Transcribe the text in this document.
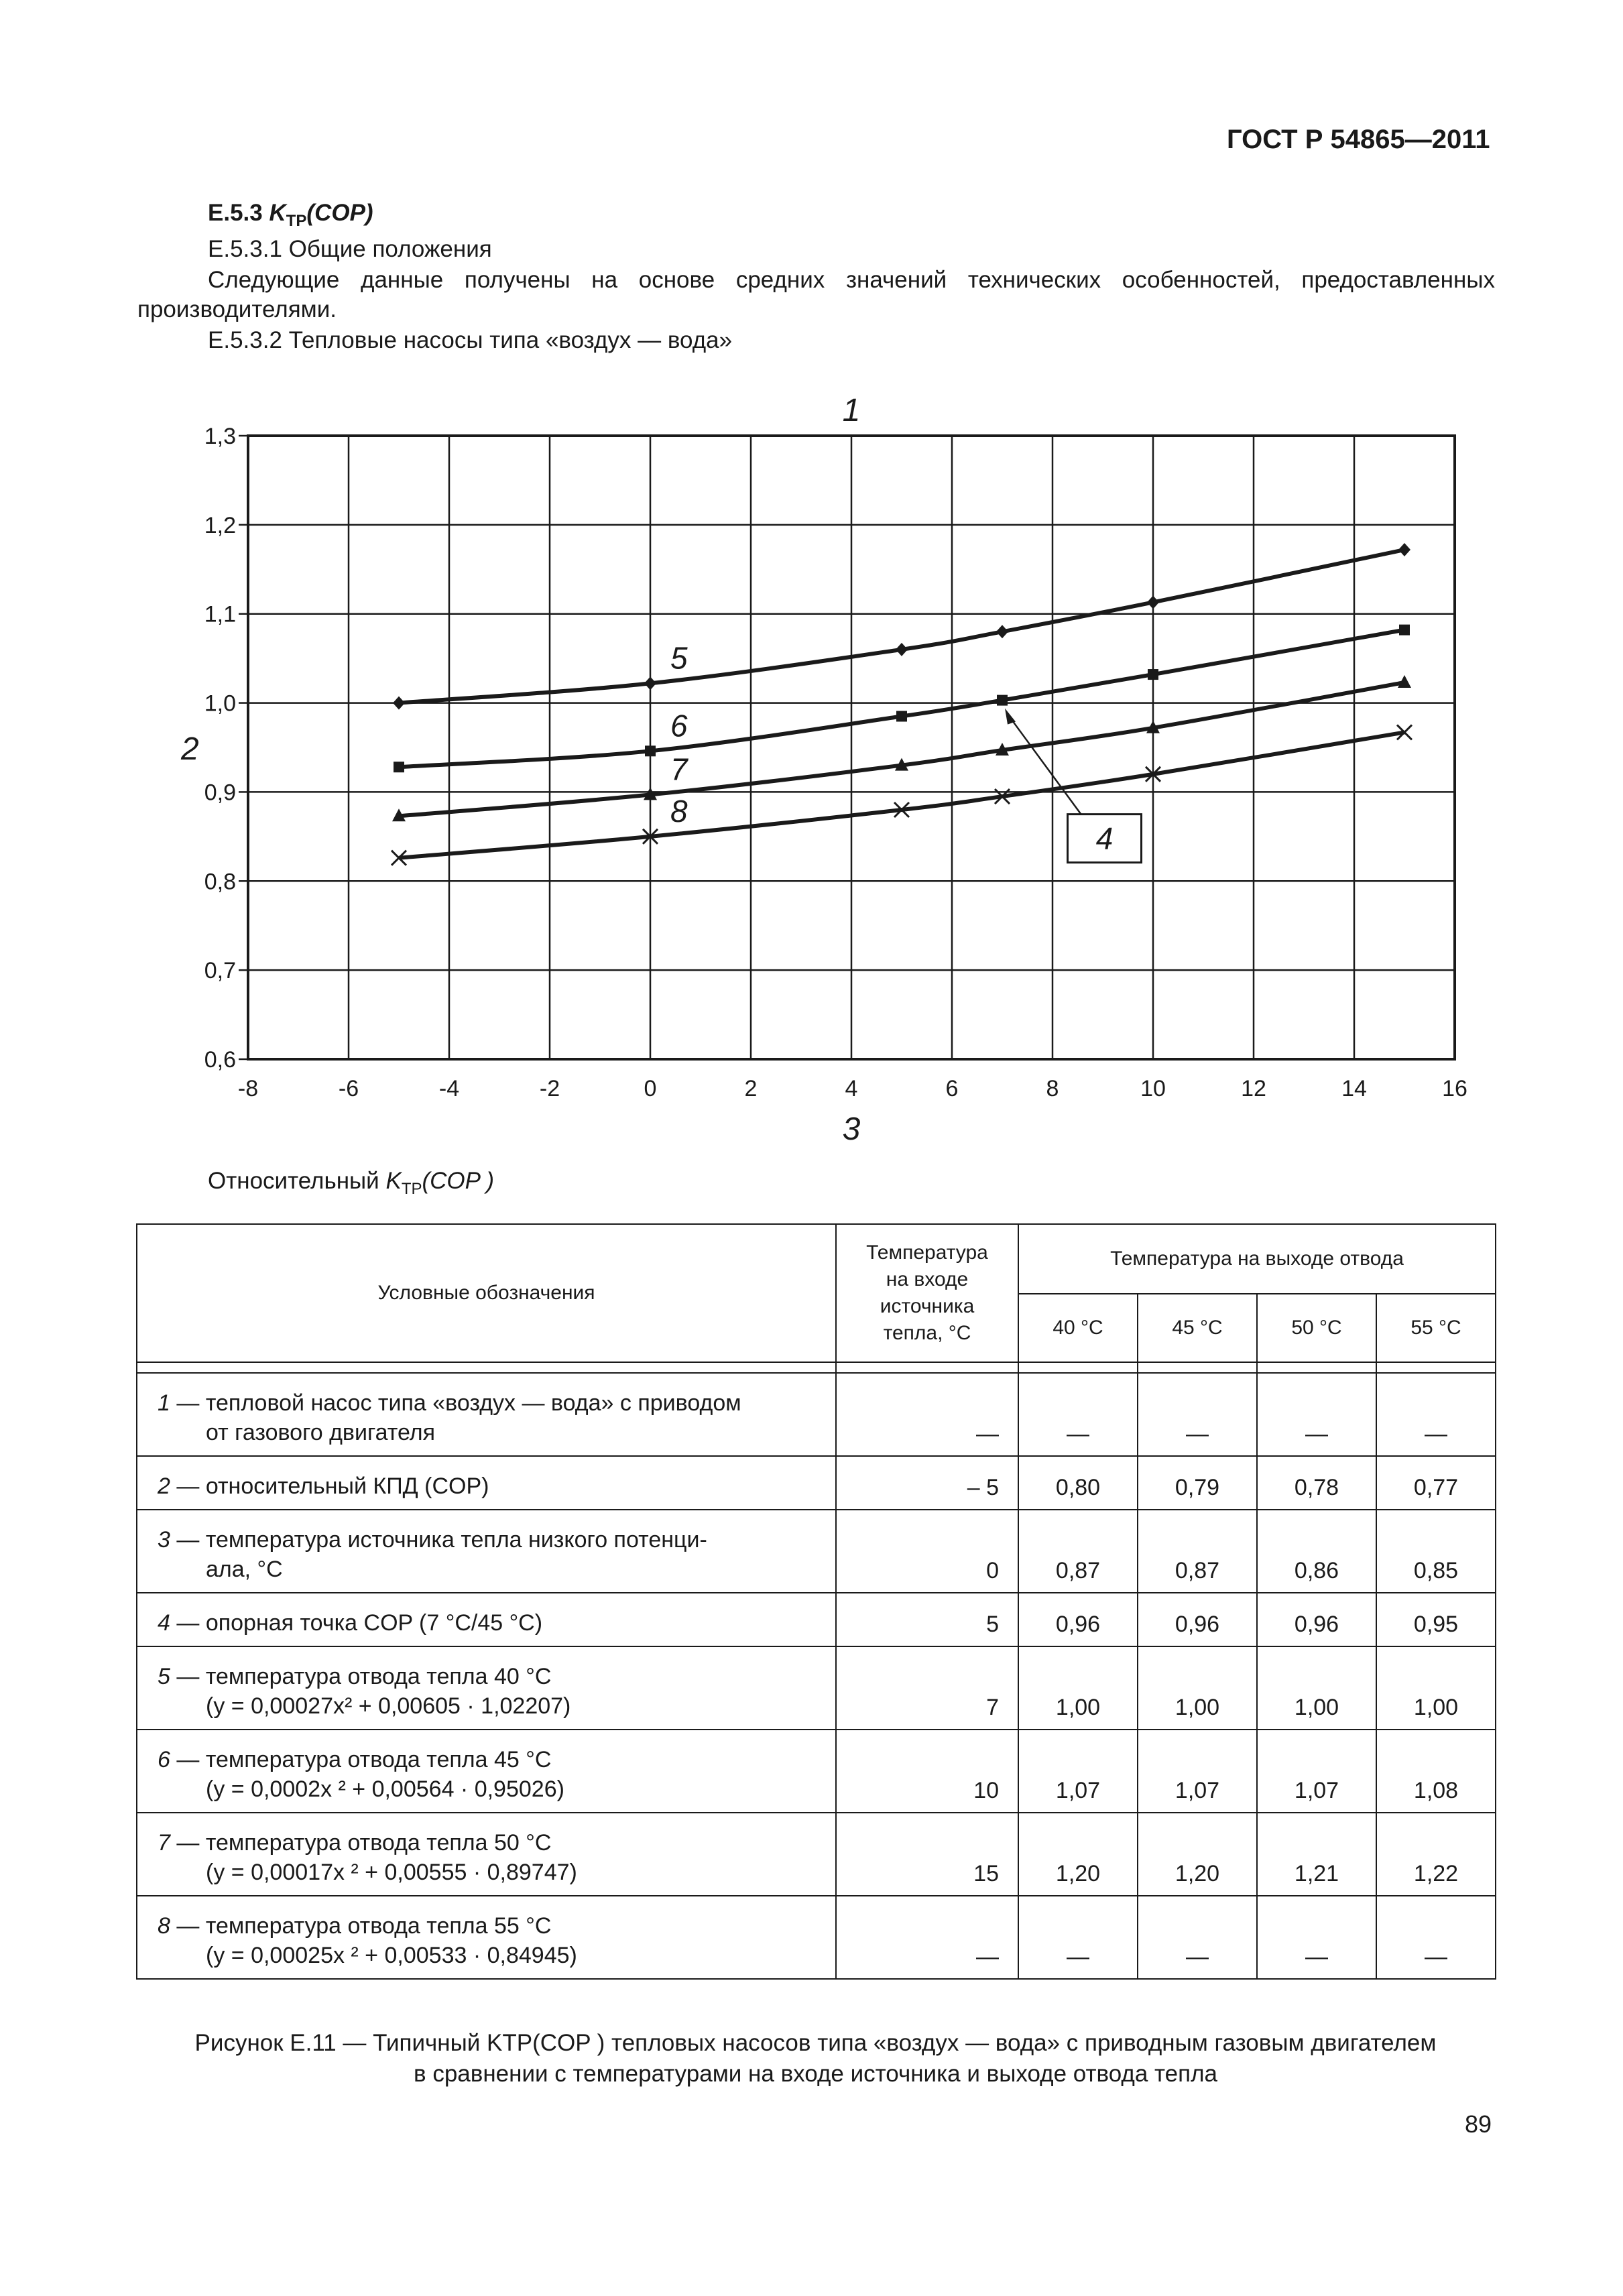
ГОСТ Р 54865—2011
Е.5.3 $K_{ТР}(COP)$
Е.5.3.1 Общие положения
Следующие данные получены на основе средних значений технических особенностей, предоставленных
производителями.
Е.5.3.2 Тепловые насосы типа «воздух — вода»
-8	-6	-4	-2	0	2	4	6	8	10	12	14	16
0,6
0,7
0,8
0,9
1,0
1,1
1,2
1,3
5
6
7
8
1
2
3
4
Относительный $K_{ТР}(COP$ )
Условные обозначения	Температура
на входе
источника
тепла, °С	Температура на выходе отвода			
		40 °С	45 °С	50 °С	55 °С

1 — тепловой насос типа «воздух — вода» с приводом
от газового двигателя	—	—	—	—	—
2 — относительный КПД (COP)	– 5	0,80	0,79	0,78	0,77
3 — температура источника тепла низкого потенци-
ала, °С	0	0,87	0,87	0,86	0,85
4 — опорная точка COP (7 °С/45 °С)	5	0,96	0,96	0,96	0,95
5 — температура отвода тепла 40 °С
(y = 0,00027x² + 0,00605 · 1,02207)	7	1,00	1,00	1,00	1,00
6 — температура отвода тепла 45 °С
(y = 0,0002x ² + 0,00564 · 0,95026)	10	1,07	1,07	1,07	1,08
7 — температура отвода тепла 50 °С
(y = 0,00017x ² + 0,00555 · 0,89747)	15	1,20	1,20	1,21	1,22
8 — температура отвода тепла 55 °С
(y = 0,00025x ² + 0,00533 · 0,84945)	—	—	—	—	—
Рисунок Е.11 — Типичный KТР(COP ) тепловых насосов типа «воздух — вода» с приводным газовым двигателем
в сравнении с температурами на входе источника и выходе отвода тепла
89
